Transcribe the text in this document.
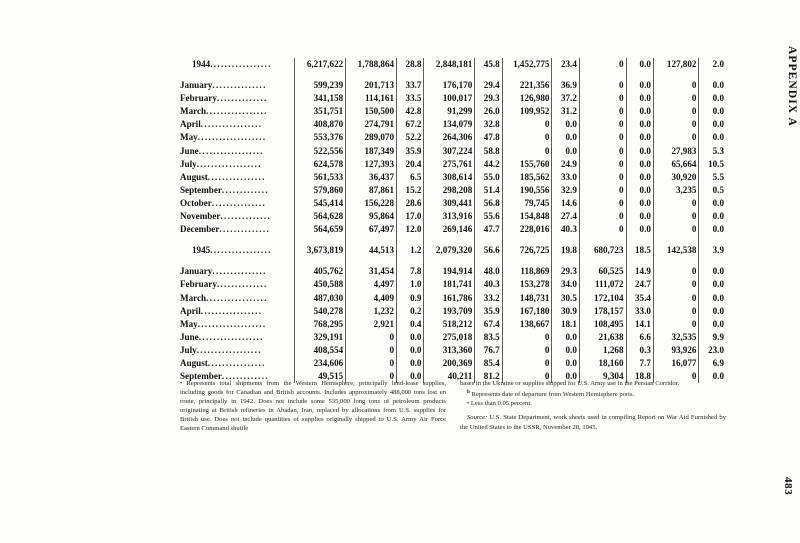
APPENDIX A
483
1944.................	6,217,622	1,788,864	28.8	2,848,181	45.8	1,452,775	23.4	0	0.0	127,802	2.0

January...............	599,239	201,713	33.7	176,170	29.4	221,356	36.9	0	0.0	0	0.0
February..............	341,158	114,161	33.5	100,017	29.3	126,980	37.2	0	0.0	0	0.0
March.................	351,751	150,500	42.8	91,299	26.0	109,952	31.2	0	0.0	0	0.0
April.................	408,870	274,791	67.2	134,079	32.8	0	0.0	0	0.0	0	0.0
May...................	553,376	289,070	52.2	264,306	47.8	0	0.0	0	0.0	0	0.0
June..................	522,556	187,349	35.9	307,224	58.8	0	0.0	0	0.0	27,983	5.3
July..................	624,578	127,393	20.4	275,761	44.2	155,760	24.9	0	0.0	65,664	10.5
August................	561,533	36,437	6.5	308,614	55.0	185,562	33.0	0	0.0	30,920	5.5
September.............	579,860	87,861	15.2	298,208	51.4	190,556	32.9	0	0.0	3,235	0.5
October...............	545,414	156,228	28.6	309,441	56.8	79,745	14.6	0	0.0	0	0.0
November..............	564,628	95,864	17.0	313,916	55.6	154,848	27.4	0	0.0	0	0.0
December..............	564,659	67,497	12.0	269,146	47.7	228,016	40.3	0	0.0	0	0.0

1945.................	3,673,819	44,513	1.2	2,079,320	56.6	726,725	19.8	680,723	18.5	142,538	3.9

January...............	405,762	31,454	7.8	194,914	48.0	118,869	29.3	60,525	14.9	0	0.0
February..............	450,588	4,497	1.0	181,741	40.3	153,278	34.0	111,072	24.7	0	0.0
March.................	487,030	4,409	0.9	161,786	33.2	148,731	30.5	172,104	35.4	0	0.0
April.................	540,278	1,232	0.2	193,709	35.9	167,180	30.9	178,157	33.0	0	0.0
May...................	768,295	2,921	0.4	518,212	67.4	138,667	18.1	108,495	14.1	0	0.0
June..................	329,191	0	0.0	275,018	83.5	0	0.0	21,638	6.6	32,535	9.9
July..................	408,554	0	0.0	313,360	76.7	0	0.0	1,268	0.3	93,926	23.0
August................	234,606	0	0.0	200,369	85.4	0	0.0	18,160	7.7	16,077	6.9
September.............	49,515	0	0.0	40,211	81.2	0	0.0	9,304	18.8	0	0.0

• Represents total shipments from the Western Hemisphere, principally lend-lease supplies, including goods for Canadian and British accounts. Includes approximately 488,000 tons lost en route, principally in 1942. Does not include some 535,000 long tons of petroleum products originating at British refineries in Abadan, Iran, replaced by allocations from U.S. supplies for British use. Does not include quantities of supplies originally shipped to U.S. Army Air Force Eastern Command shuttle

bases in the Ukraine or supplies shipped for U.S. Army use in the Persian Corridor.

$^b$ Represents date of departure from Western Hemisphere ports.

• Less than 0.05 percent.

Source: U.S. State Department, work sheets used in compiling Report on War Aid Furnished by the United States to the USSR, November 28, 1945.
